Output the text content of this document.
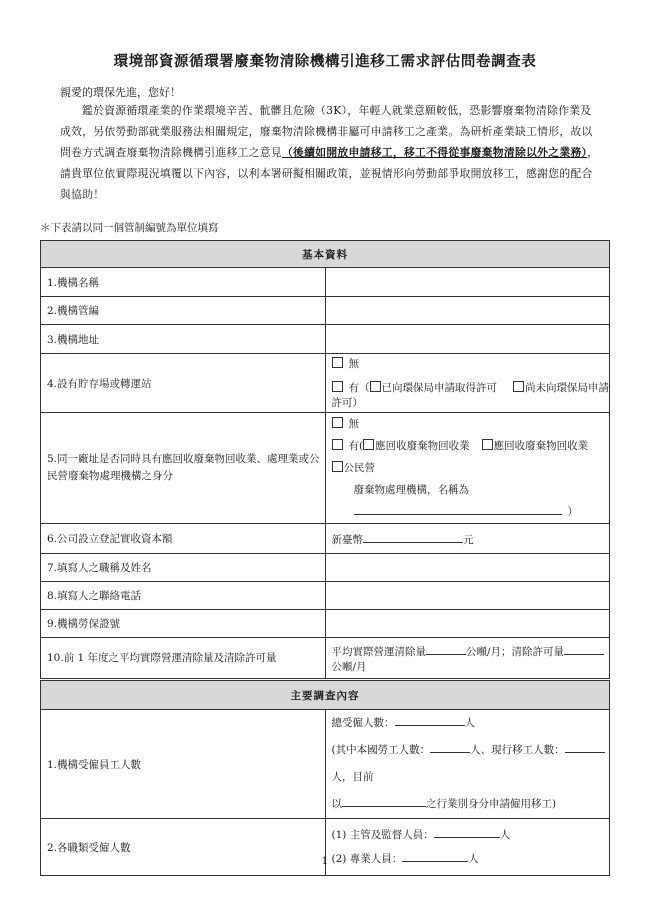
環境部資源循環署廢棄物清除機構引進移工需求評估問卷調查表
親愛的環保先進，您好！
鑑於資源循環產業的作業環境辛苦、骯髒且危險（3K），年輕人就業意願較低，恐影響廢棄物清除作業及成效，另依勞動部就業服務法相關規定，廢棄物清除機構非屬可申請移工之產業。為研析產業缺工情形，故以問卷方式調查廢棄物清除機構引進移工之意見（後續如開放申請移工，移工不得從事廢棄物清除以外之業務），請貴單位依實際現況填覆以下內容，以利本署研擬相關政策，並視情形向勞動部爭取開放移工，感謝您的配合與協助！
＊下表請以同一個管制編號為單位填寫
基本資料	
1.機構名稱	
2.機構管編	
3.機構地址	
4.設有貯存場或轉運站	無
有（ 已向環保局申請取得許可 尚未向環保局申請許可）

5.同一廠址是否同時具有應回收廢棄物回收業、處理業或公民營廢棄物處理機構之身分	無
有( 應回收廢棄物回收業 應回收廢棄物回收業公民營
廢棄物處理機構，名稱為）

6.公司設立登記實收資本額	新臺幣 元
7.填寫人之職稱及姓名	
8.填寫人之聯絡電話	
9.機構勞保證號	
10.前 1 年度之平均實際營運清除量及清除許可量	平均實際營運清除量 公噸/月；清除許可量公噸/月
主要調查內容	
1.機構受僱員工人數	總受僱人數： 人
(其中本國勞工人數： 人、現行移工人數：人，目前
以 之行業別身分申請僱用移工)

2.各職類受僱人數	(1) 主管及監督人員： 人
(2) 專業人員： 人
1
